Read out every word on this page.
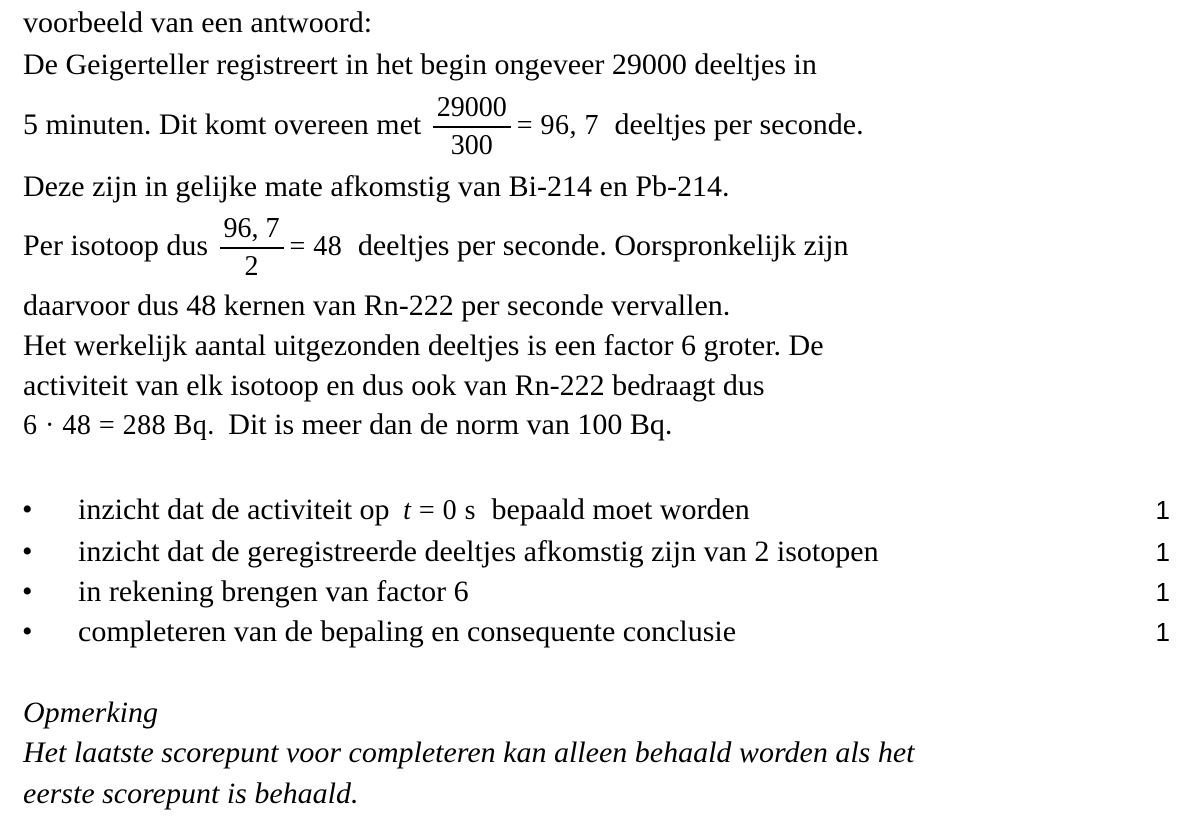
voorbeeld van een antwoord:
De Geigerteller registreert in het begin ongeveer 29000 deeltjes in
5 minuten. Dit komt overeen met $\frac{29000}{300} = 96$, 7 deeltjes per seconde.
Deze zijn in gelijke mate afkomstig van Bi-214 en Pb-214.
Per isotoop dus $\frac{96, 7}{2} = 48$ deeltjes per seconde. Oorspronkelijk zijn
daarvoor dus 48 kernen van Rn-222 per seconde vervallen.
Het werkelijk aantal uitgezonden deeltjes is een factor 6 groter. De
activiteit van elk isotoop en dus ook van Rn-222 bedraagt dus
6 · 48 = 288 Bq. Dit is meer dan de norm van 100 Bq.
• inzicht dat de activiteit op t = 0 s bepaald moet worden	1
• inzicht dat de geregistreerde deeltjes afkomstig zijn van 2 isotopen	1
• in rekening brengen van factor 6	1
• completeren van de bepaling en consequente conclusie	1
Opmerking
Het laatste scorepunt voor completeren kan alleen behaald worden als het
eerste scorepunt is behaald.
